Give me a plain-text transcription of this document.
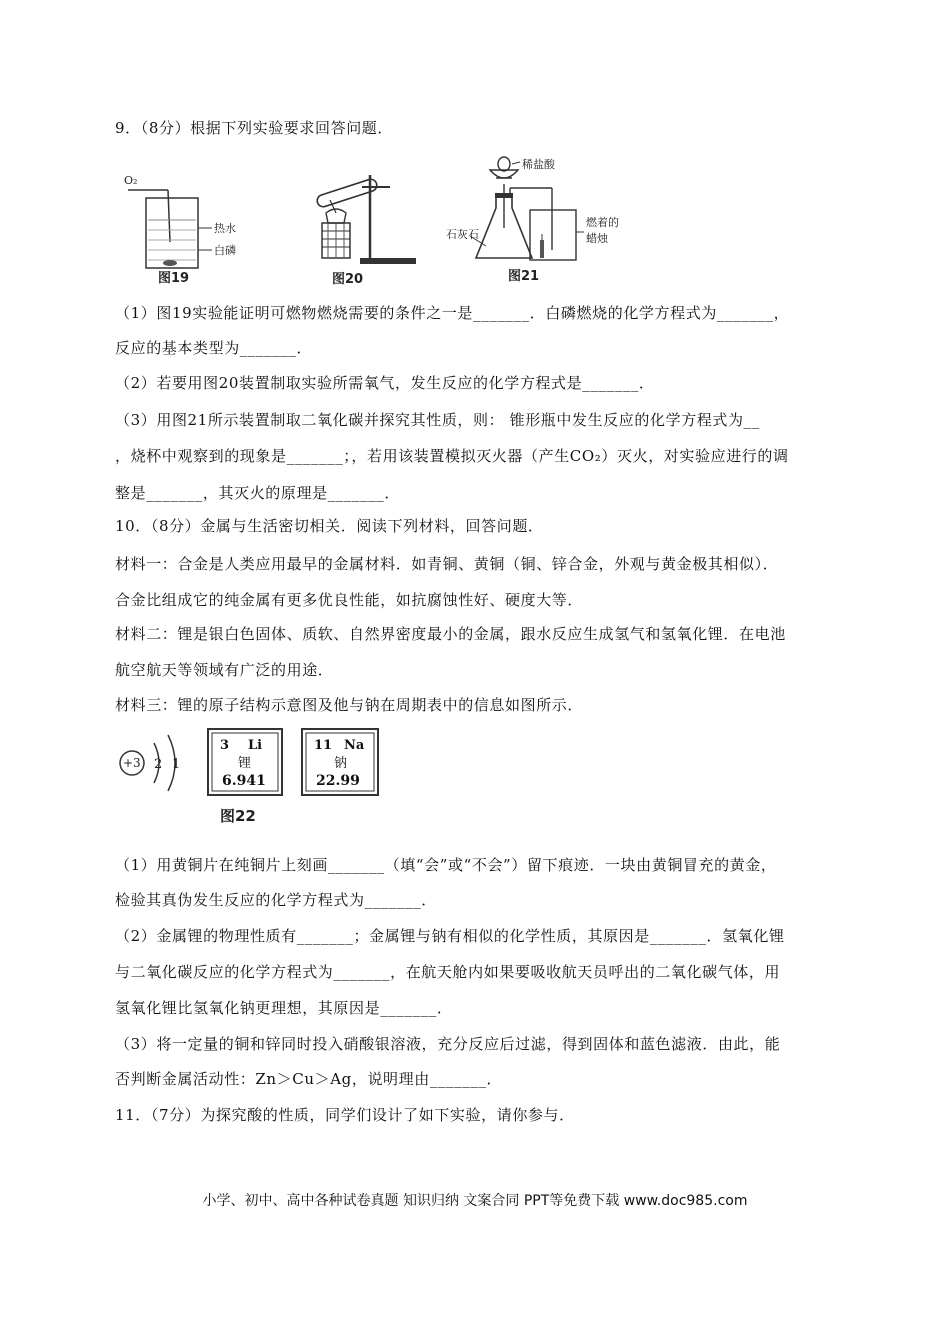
9．（8分）根据下列实验要求回答问题．
O₂
热水
白磷
图19	图20
稀盐酸
燃着的
蜡烛
石灰石
图21
（1）图19实验能证明可燃物燃烧需要的条件之一是_______．白磷燃烧的化学方程式为_______，
反应的基本类型为_______．
（2）若要用图20装置制取实验所需氧气，发生反应的化学方程式是_______．
（3）用图21所示装置制取二氧化碳并探究其性质，则： 锥形瓶中发生反应的化学方程式为__
，烧杯中观察到的现象是_______；，若用该装置模拟灭火器（产生CO₂）灭火，对实验应进行的调
整是_______，其灭火的原理是_______．
10．（8分）金属与生活密切相关．阅读下列材料，回答问题．
材料一：合金是人类应用最早的金属材料．如青铜、黄铜（铜、锌合金，外观与黄金极其相似）．
合金比组成它的纯金属有更多优良性能，如抗腐蚀性好、硬度大等．
材料二：锂是银白色固体、质软、自然界密度最小的金属，跟水反应生成氢气和氢氧化锂．在电池
航空航天等领域有广泛的用途．
材料三：锂的原子结构示意图及他与钠在周期表中的信息如图所示．
+3 2 1
3 Li
锂
6.941
11 Na
钠
22.99
图22
（1）用黄铜片在纯铜片上刻画_______（填“会”或“不会”）留下痕迹．一块由黄铜冒充的黄金，
检验其真伪发生反应的化学方程式为_______．
（2）金属锂的物理性质有_______；金属锂与钠有相似的化学性质，其原因是_______．氢氧化锂
与二氧化碳反应的化学方程式为_______，在航天舱内如果要吸收航天员呼出的二氧化碳气体，用
氢氧化锂比氢氧化钠更理想，其原因是_______．
（3）将一定量的铜和锌同时投入硝酸银溶液，充分反应后过滤，得到固体和蓝色滤液．由此，能
否判断金属活动性：Zn＞Cu＞Ag，说明理由_______．
11．（7分）为探究酸的性质，同学们设计了如下实验，请你参与．
小学、初中、高中各种试卷真题 知识归纳 文案合同 PPT等免费下载 www.doc985.com
